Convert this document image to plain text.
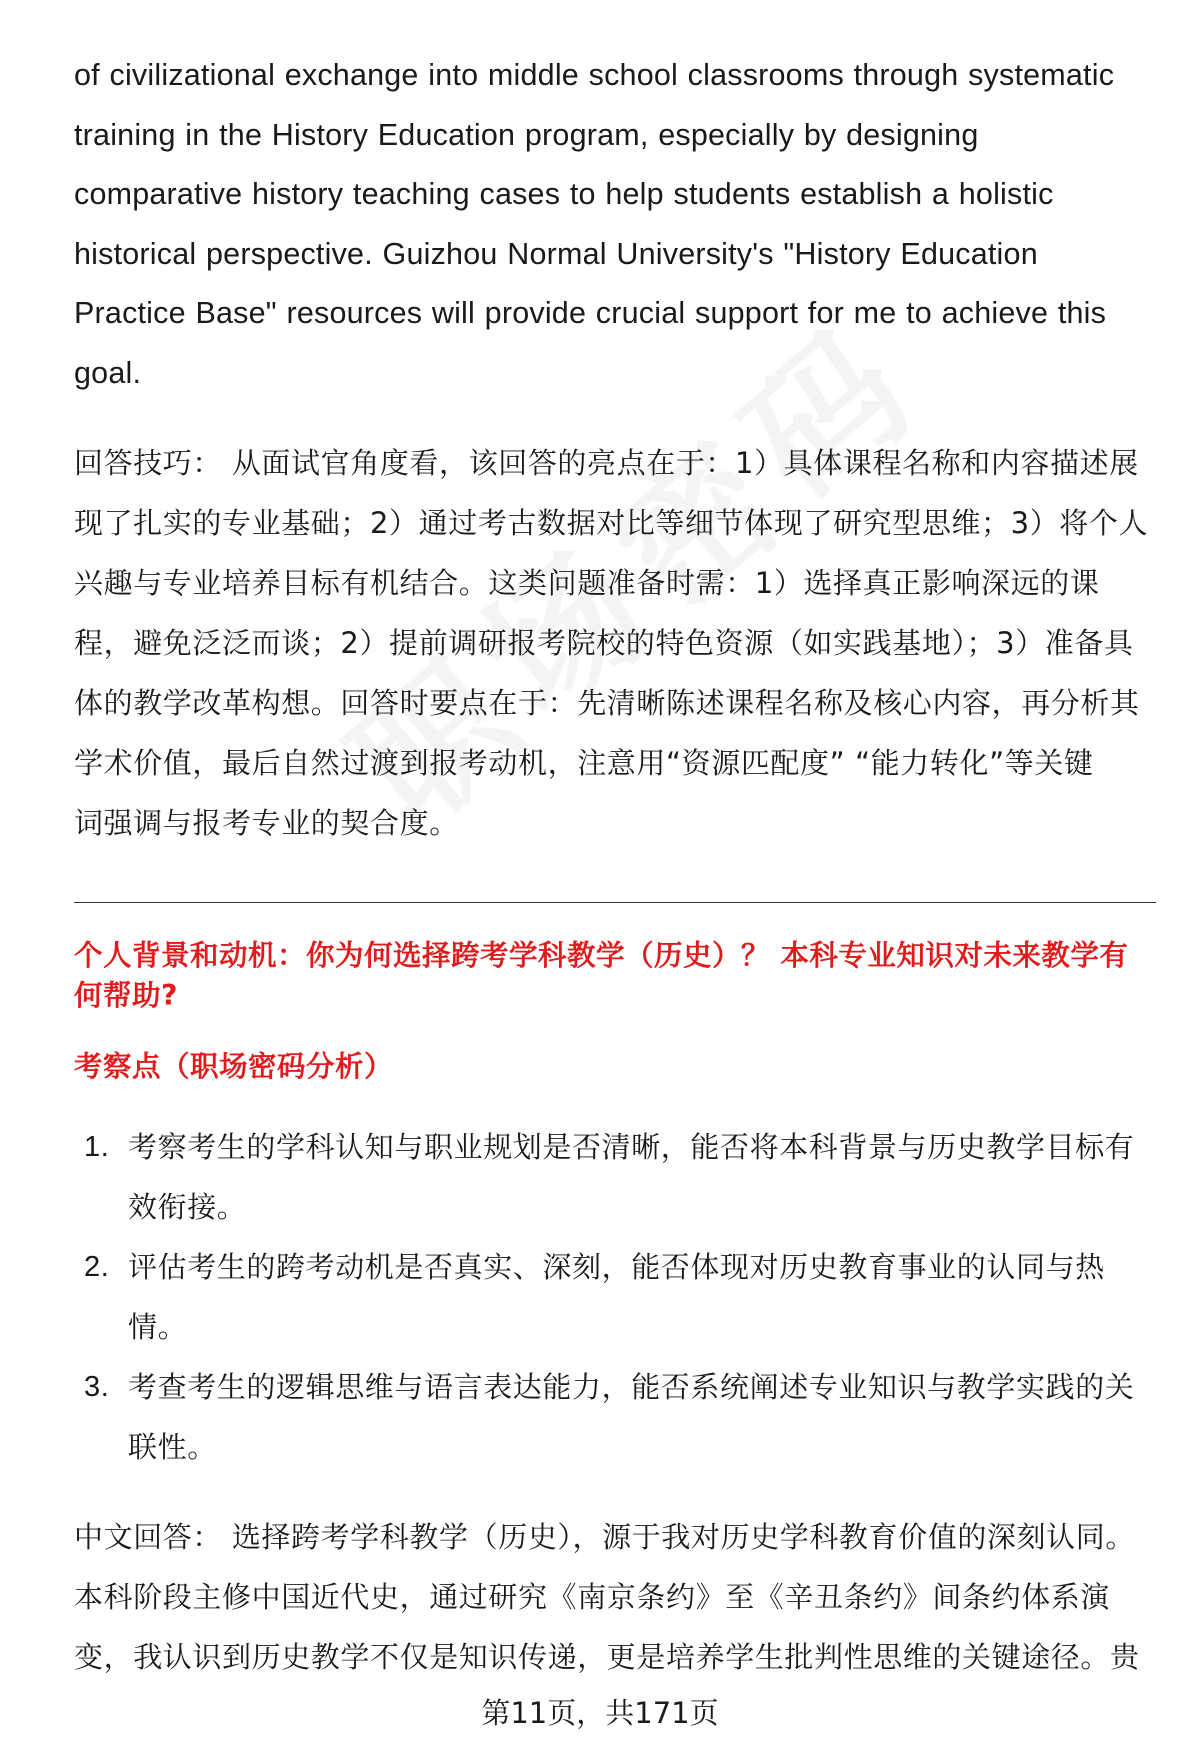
of civilizational exchange into middle school classrooms through systematic
training in the History Education program, especially by designing
comparative history teaching cases to help students establish a holistic
historical perspective. Guizhou Normal University's "History Education
Practice Base" resources will provide crucial support for me to achieve this
goal.

回答技巧： 从面试官角度看，该回答的亮点在于：1）具体课程名称和内容描述展
现了扎实的专业基础；2）通过考古数据对比等细节体现了研究型思维；3）将个人
兴趣与专业培养目标有机结合。这类问题准备时需：1）选择真正影响深远的课
程，避免泛泛而谈；2）提前调研报考院校的特色资源（如实践基地）；3）准备具
体的教学改革构想。回答时要点在于：先清晰陈述课程名称及核心内容，再分析其
学术价值，最后自然过渡到报考动机，注意用“资源匹配度” “能力转化”等关键
词强调与报考专业的契合度。

个人背景和动机：你为何选择跨考学科教学（历史）？ 本科专业知识对未来教学有
何帮助?

考察点（职场密码分析）

1. 考察考生的学科认知与职业规划是否清晰，能否将本科背景与历史教学目标有
效衔接。
2. 评估考生的跨考动机是否真实、深刻，能否体现对历史教育事业的认同与热
情。
3. 考查考生的逻辑思维与语言表达能力，能否系统阐述专业知识与教学实践的关
联性。

中文回答： 选择跨考学科教学（历史），源于我对历史学科教育价值的深刻认同。
本科阶段主修中国近代史，通过研究《南京条约》至《辛丑条约》间条约体系演
变，我认识到历史教学不仅是知识传递，更是培养学生批判性思维的关键途径。贵

第11页，共171页
